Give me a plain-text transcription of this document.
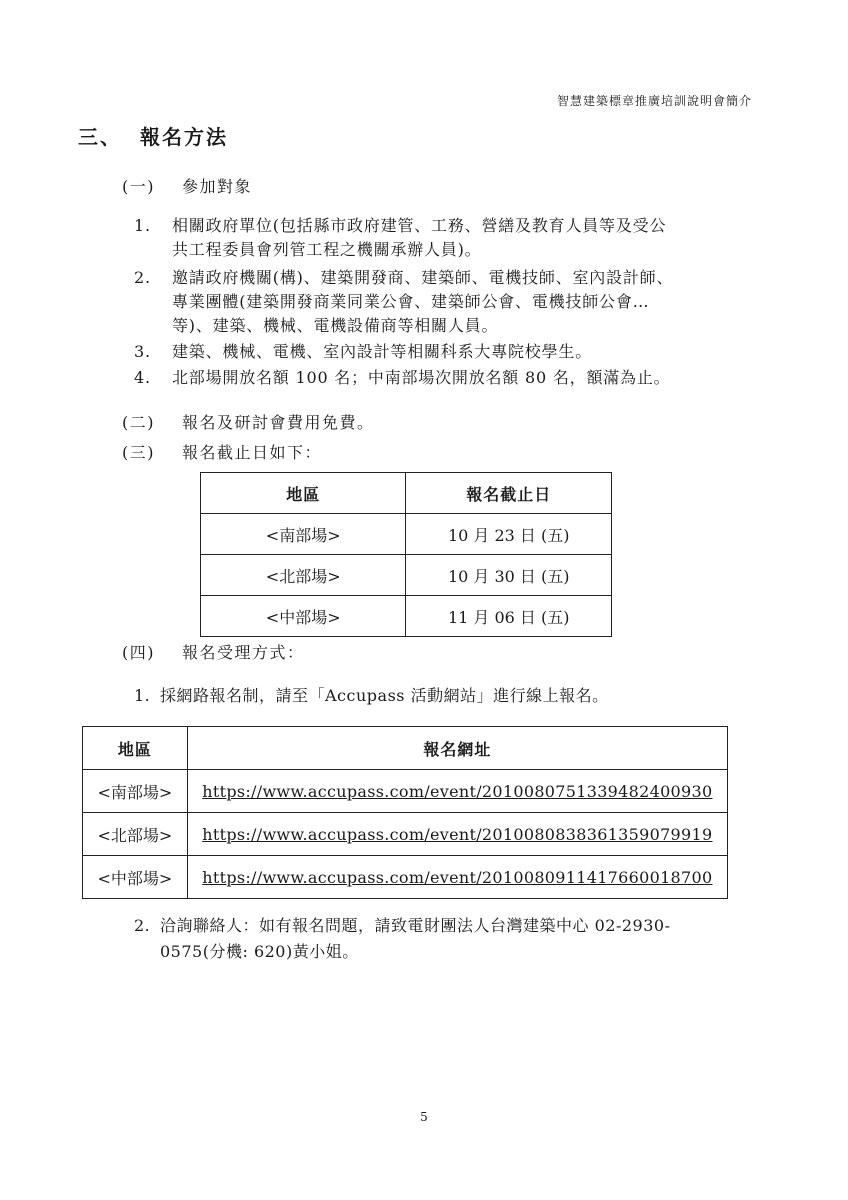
智慧建築標章推廣培訓說明會簡介
三、 報名方法
(一) 參加對象
1. 相關政府單位(包括縣市政府建管、工務、營繕及教育人員等及受公
共工程委員會列管工程之機關承辦人員)。
2. 邀請政府機關(構)、建築開發商、建築師、電機技師、室內設計師、
專業團體(建築開發商業同業公會、建築師公會、電機技師公會…
等)、建築、機械、電機設備商等相關人員。
3. 建築、機械、電機、室內設計等相關科系大專院校學生。
4. 北部場開放名額 100 名；中南部場次開放名額 80 名，額滿為止。
(二) 報名及研討會費用免費。
(三) 報名截止日如下：
地區	報名截止日
<南部場>	10 月 23 日 (五)
<北部場>	10 月 30 日 (五)
<中部場>	11 月 06 日 (五)
(四) 報名受理方式：
1. 採網路報名制，請至「Accupass 活動網站」進行線上報名。
地區	報名網址
<南部場>	https://www.accupass.com/event/2010080751339482400930
<北部場>	https://www.accupass.com/event/2010080838361359079919
<中部場>	https://www.accupass.com/event/2010080911417660018700
2. 洽詢聯絡人：如有報名問題，請致電財團法人台灣建築中心 02-2930-
0575(分機: 620)黃小姐。
5
